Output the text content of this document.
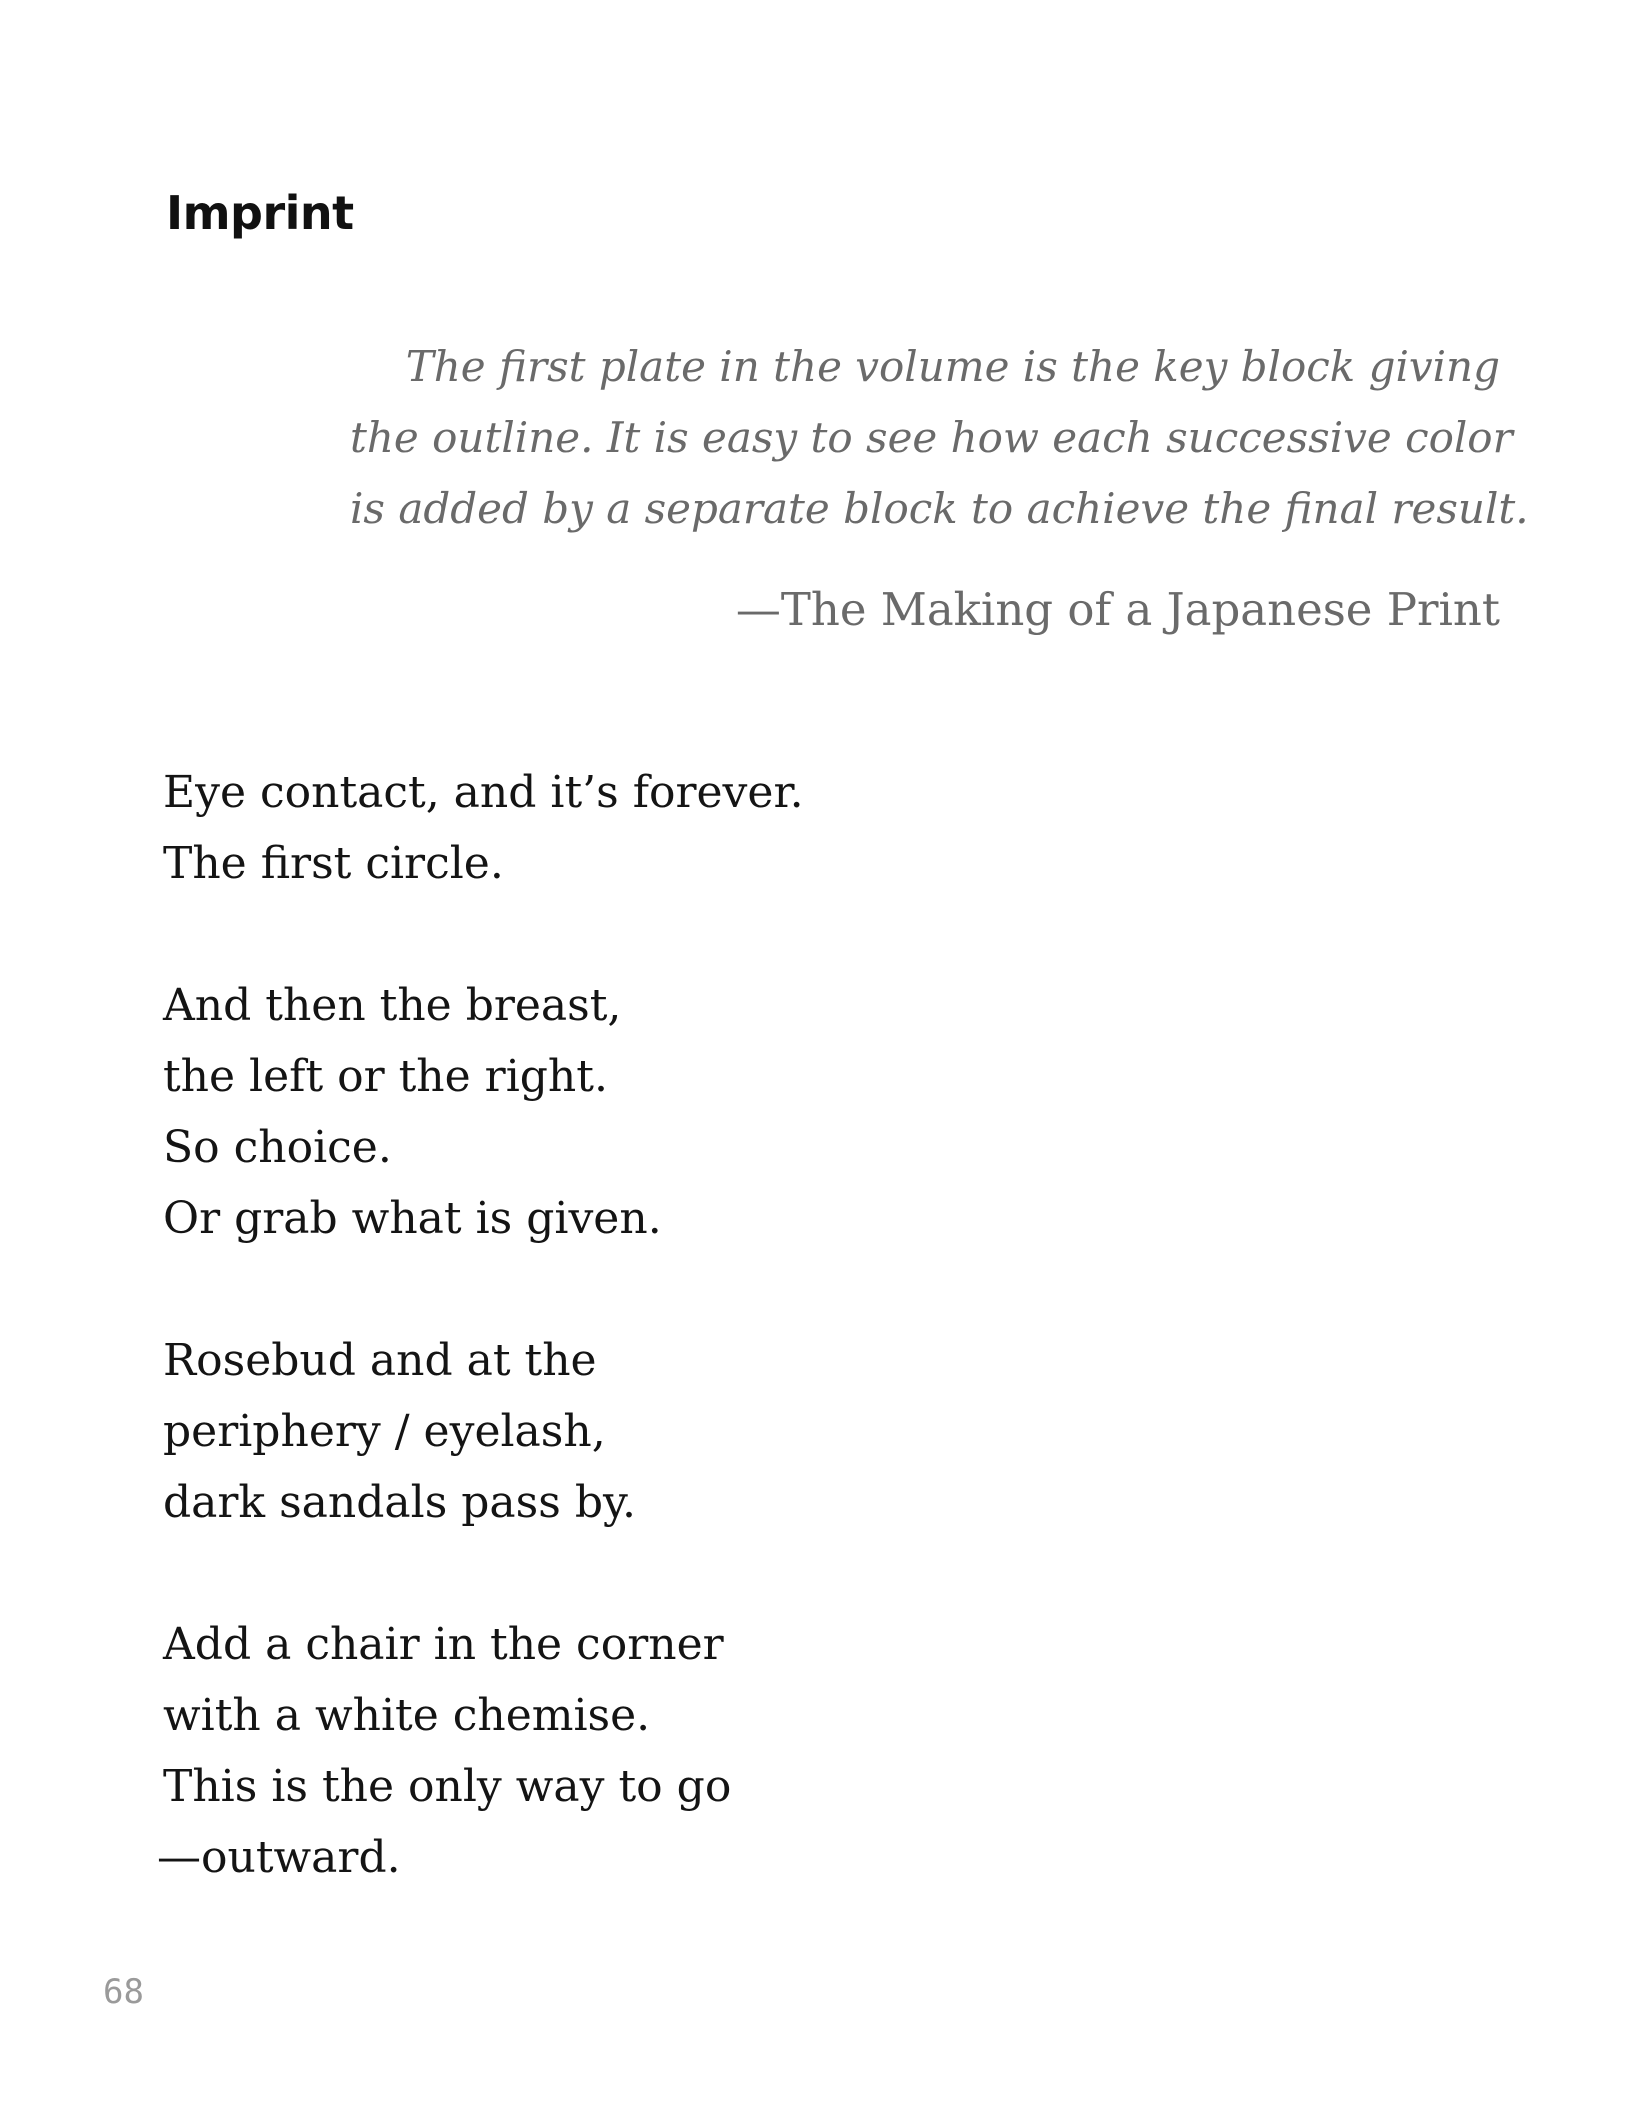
Imprint
The first plate in the volume is the key block giving
the outline. It is easy to see how each successive color
is added by a separate block to achieve the final result.

—The Making of a Japanese Print

Eye contact, and it’s forever.
The first circle.
And then the breast,
the left or the right.
So choice.
Or grab what is given.
Rosebud and at the
periphery / eyelash,
dark sandals pass by.
Add a chair in the corner
with a white chemise.
This is the only way to go
—outward.

68
